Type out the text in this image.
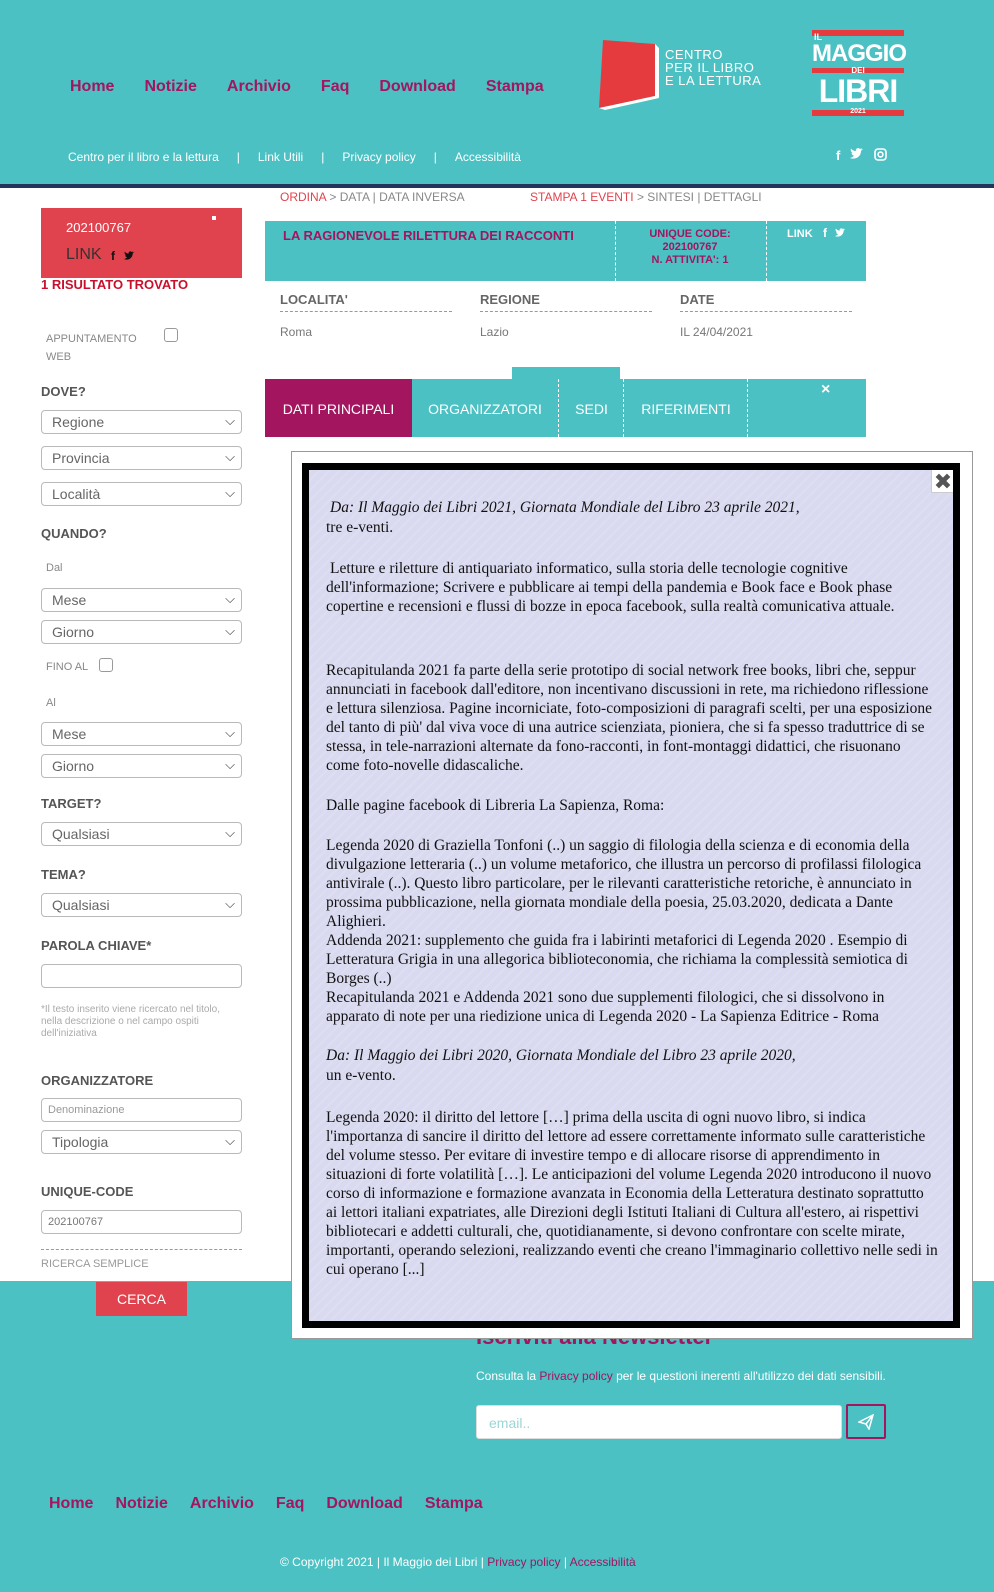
Home Notizie Archivio Faq Download Stampa
CENTRO
PER IL LIBRO
E LA LETTURA
IL
MAGGIO
DEI
LIBRI
2021
Centro per il libro e la lettura | Link Utili | Privacy policy | Accessibilità	f
ORDINA > DATA | DATA INVERSA	STAMPA 1 EVENTI > SINTESI | DETTAGLI
202100767
LINK f
1 RISULTATO TROVATO
APPUNTAMENTO
WEB
DOVE?
Regione	⌵
Provincia	⌵
Località	⌵
QUANDO?
Dal
Mese	⌵
Giorno	⌵
FINO AL
Al
Mese	⌵
Giorno	⌵
TARGET?
Qualsiasi	⌵
TEMA?
Qualsiasi	⌵
PAROLA CHIAVE*
*Il testo inserito viene ricercato nel titolo, nella descrizione o nel campo ospiti dell'iniziativa
ORGANIZZATORE
Denominazione
Tipologia	⌵
UNIQUE-CODE
202100767
RICERCA SEMPLICE
LA RAGIONEVOLE RILETTURA DEI RACCONTI	UNIQUE CODE:
202100767
N. ATTIVITA': 1
LINK f
LOCALITA'
Roma
REGIONE
Lazio
DATE
IL 24/04/2021
DATI PRINCIPALI	ORGANIZZATORI	SEDI	RIFERIMENTI
×
CERCA
Consulta la Privacy policy per le questioni inerenti all'utilizzo dei dati sensibili.
email..
Home Notizie Archivio Faq Download Stampa
© Copyright 2021 | Il Maggio dei Libri | Privacy policy | Accessibilità
✖
Da: Il Maggio dei Libri 2021, Giornata Mondiale del Libro 23 aprile 2021,
tre e-venti.
Letture e riletture di antiquariato informatico, sulla storia delle tecnologie cognitive dell'informazione; Scrivere e pubblicare ai tempi della pandemia e Book face e Book phase copertine e recensioni e flussi di bozze in epoca facebook, sulla realtà comunicativa attuale.
Recapitulanda 2021 fa parte della serie prototipo di social network free books, libri che, seppur annunciati in facebook dall'editore, non incentivano discussioni in rete, ma richiedono riflessione e lettura silenziosa. Pagine incorniciate, foto-composizioni di paragrafi scelti, per una esposizione del tanto di più' dal viva voce di una autrice scienziata, pioniera, che si fa spesso traduttrice di se stessa, in tele-narrazioni alternate da fono-racconti, in font-montaggi didattici, che risuonano come foto-novelle didascaliche.
Dalle pagine facebook di Libreria La Sapienza, Roma:
Legenda 2020 di Graziella Tonfoni (..) un saggio di filologia della scienza e di economia della divulgazione letteraria (..) un volume metaforico, che illustra un percorso di profilassi filologica antivirale (..). Questo libro particolare, per le rilevanti caratteristiche retoriche, è annunciato in prossima pubblicazione, nella giornata mondiale della poesia, 25.03.2020, dedicata a Dante Alighieri.
Addenda 2021: supplemento che guida fra i labirinti metaforici di Legenda 2020 . Esempio di Letteratura Grigia in una allegorica biblioteconomia, che richiama la complessità semiotica di Borges (..)
Recapitulanda 2021 e Addenda 2021 sono due supplementi filologici, che si dissolvono in apparato di note per una riedizione unica di Legenda 2020 - La Sapienza Editrice - Roma
Da: Il Maggio dei Libri 2020, Giornata Mondiale del Libro 23 aprile 2020,
un e-vento.
Legenda 2020: il diritto del lettore […] prima della uscita di ogni nuovo libro, si indica l'importanza di sancire il diritto del lettore ad essere correttamente informato sulle caratteristiche del volume stesso. Per evitare di investire tempo e di allocare risorse di apprendimento in situazioni di forte volatilità […]. Le anticipazioni del volume Legenda 2020 introducono il nuovo corso di informazione e formazione avanzata in Economia della Letteratura destinato soprattutto ai lettori italiani expatriates, alle Direzioni degli Istituti Italiani di Cultura all'estero, ai rispettivi bibliotecari e addetti culturali, che, quotidianamente, si devono confrontare con scelte mirate, importanti, operando selezioni, realizzando eventi che creano l'immaginario collettivo nelle sedi in cui operano [...]
